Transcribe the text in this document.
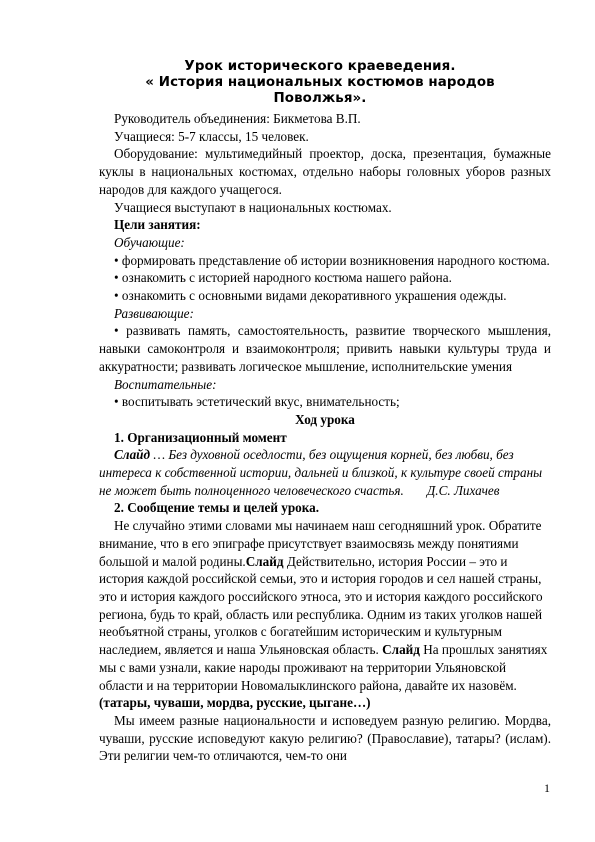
Урок исторического краеведения.
« История национальных костюмов народов
Поволжья».

Руководитель объединения: Бикметова В.П.

Учащиеся: 5-7 классы, 15 человек.

Оборудование: мультимедийный проектор, доска, презентация, бумажные куклы в национальных костюмах, отдельно наборы головных уборов разных народов для каждого учащегося.

Учащиеся выступают в национальных костюмах.

Цели занятия:

Обучающие:

• формировать представление об истории возникновения народного костюма.

• ознакомить с историей народного костюма нашего района.

• ознакомить с основными видами декоративного украшения одежды.

Развивающие:

• развивать память, самостоятельность, развитие творческого мышления, навыки самоконтроля и взаимоконтроля; привить навыки культуры труда и аккуратности; развивать логическое мышление, исполнительские умения

Воспитательные:

• воспитывать эстетический вкус, внимательность;

Ход урока

1. Организационный момент

Слайд … Без духовной оседлости, без ощущения корней, без любви, без интереса к собственной истории, дальней и близкой, к культуре своей страны не может быть полноценного человеческого счастья. Д.С. Лихачев

2. Сообщение темы и целей урока.

Не случайно этими словами мы начинаем наш сегодняшний урок. Обратите внимание, что в его эпиграфе присутствует взаимосвязь между понятиями большой и малой родины.Слайд Действительно, история России – это и история каждой российской семьи, это и история городов и сел нашей страны, это и история каждого российского этноса, это и история каждого российского региона, будь то край, область или республика. Одним из таких уголков нашей необъятной страны, уголков с богатейшим историческим и культурным наследием, является и наша Ульяновская область. Слайд На прошлых занятиях мы с вами узнали, какие народы проживают на территории Ульяновской области и на территории Новомалыклинского района, давайте их назовём.(татары, чуваши, мордва, русские, цыгане…)

Мы имеем разные национальности и исповедуем разную религию. Мордва, чуваши, русские исповедуют какую религию? (Православие), татары? (ислам). Эти религии чем-то отличаются, чем-то они

1
